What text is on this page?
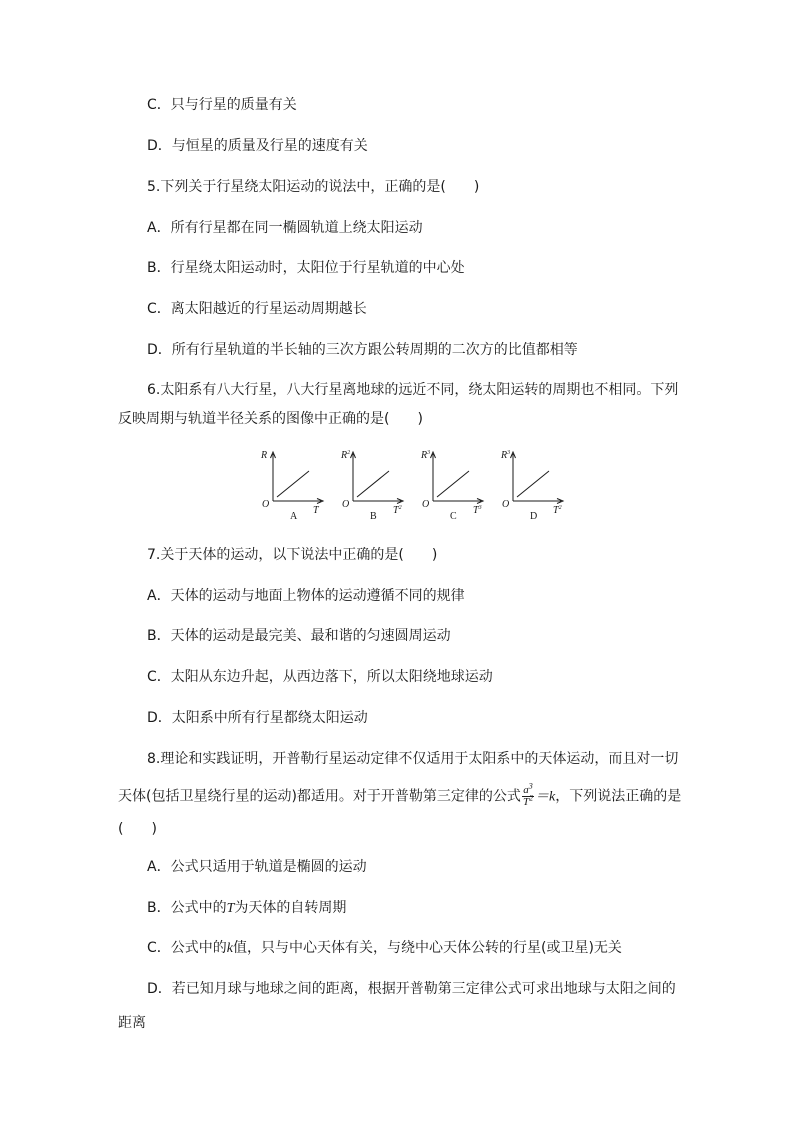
C．只与行星的质量有关
D．与恒星的质量及行星的速度有关
5.下列关于行星绕太阳运动的说法中，正确的是(　　)
A．所有行星都在同一椭圆轨道上绕太阳运动
B．行星绕太阳运动时，太阳位于行星轨道的中心处
C．离太阳越近的行星运动周期越长
D．所有行星轨道的半长轴的三次方跟公转周期的二次方的比值都相等
6.太阳系有八大行星，八大行星离地球的远近不同，绕太阳运转的周期也不相同。下列
反映周期与轨道半径关系的图像中正确的是(　　)
R
T
O
A
$R^2$
$T^2$
O
B
$R^3$
$T^3$
O
C
$R^3$
$T^2$
O
D
7.关于天体的运动，以下说法中正确的是(　　)
A．天体的运动与地面上物体的运动遵循不同的规律
B．天体的运动是最完美、最和谐的匀速圆周运动
C．太阳从东边升起，从西边落下，所以太阳绕地球运动
D．太阳系中所有行星都绕太阳运动
8.理论和实践证明，开普勒行星运动定律不仅适用于太阳系中的天体运动，而且对一切
天体(包括卫星绕行星的运动)都适用。对于开普勒第三定律的公式 $\frac{a^3}{T^2} =k$，下列说法正确的是
(　　)
A．公式只适用于轨道是椭圆的运动
B．公式中的T为天体的自转周期
C．公式中的k值，只与中心天体有关，与绕中心天体公转的行星(或卫星)无关
D．若已知月球与地球之间的距离，根据开普勒第三定律公式可求出地球与太阳之间的
距离
